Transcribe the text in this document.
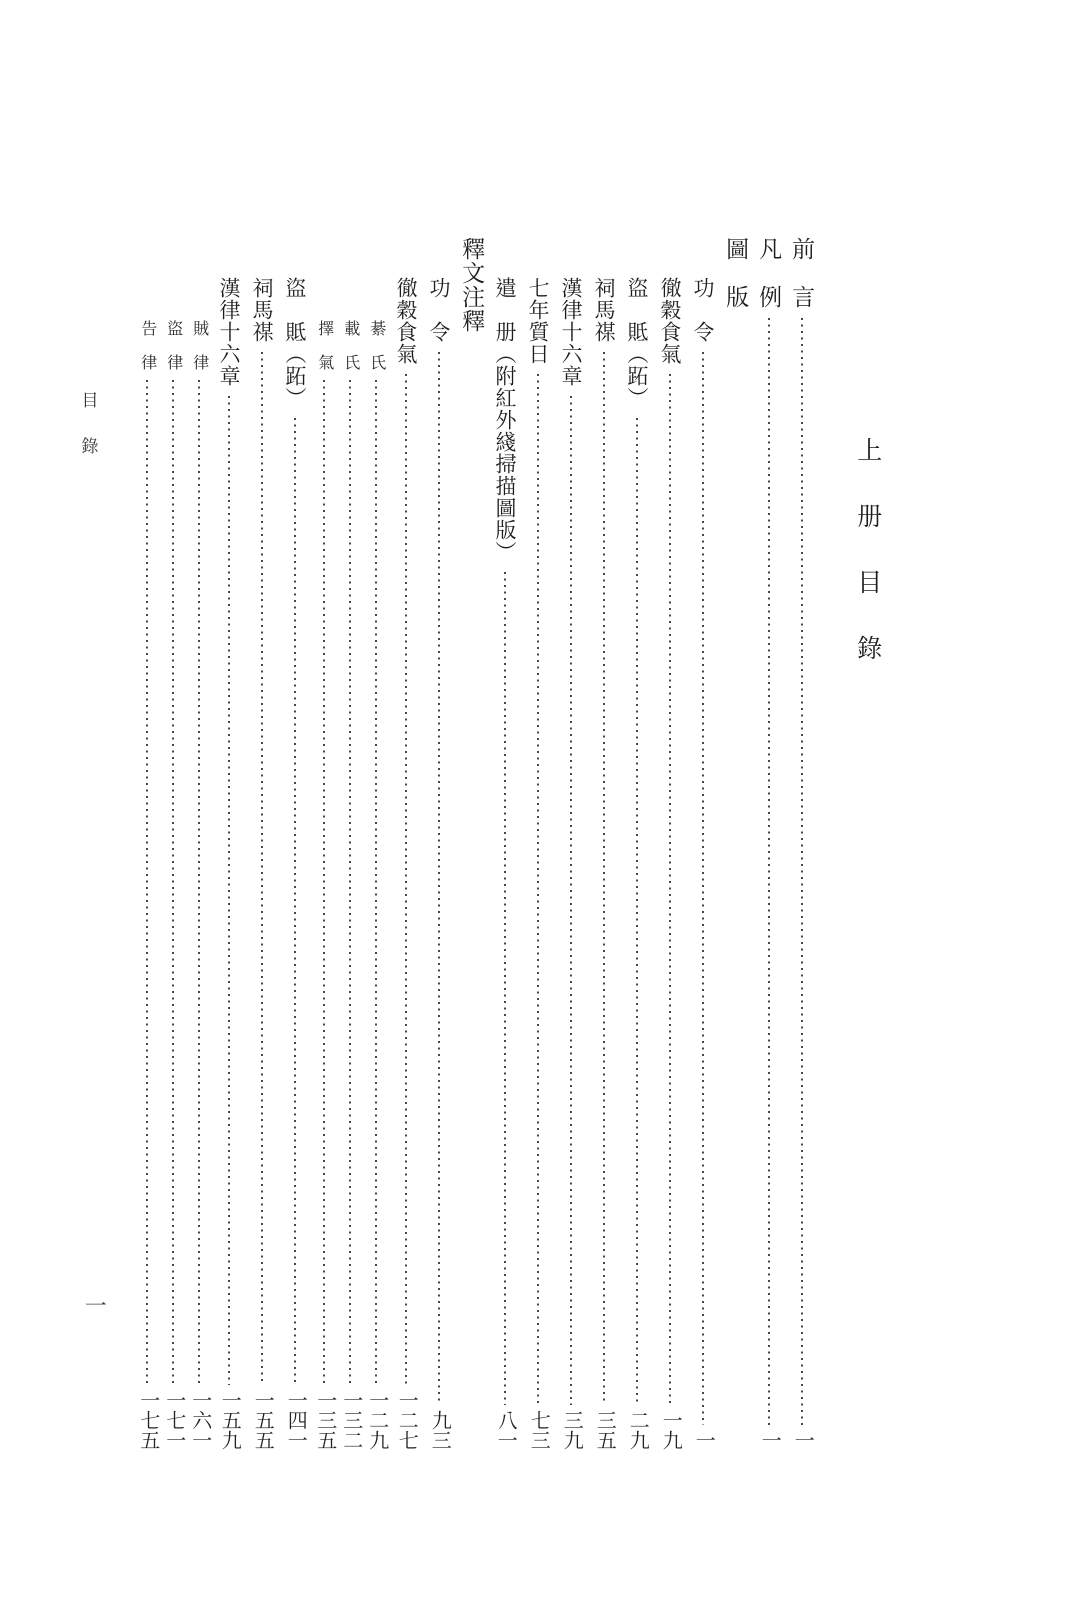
上　册　目　錄
目　錄
一
前　言
一
凡　例
一
圖　版
功　令
一
徹穀食氣
一九
盜　貾（跖）
二九
祠馬禖
三五
漢律十六章
三九
七年質日
七三
遣　册（附紅外綫掃描圖版）
八一
釋文注釋
功　令
九三
徹穀食氣
一二七
綦　氏
一二九
載　氏
一三二
擇　氣
一三五
盜　貾（跖）
一四一
祠馬禖
一五五
漢律十六章
一五九
賊　律
一六一
盜　律
一七一
告　律
一七五
